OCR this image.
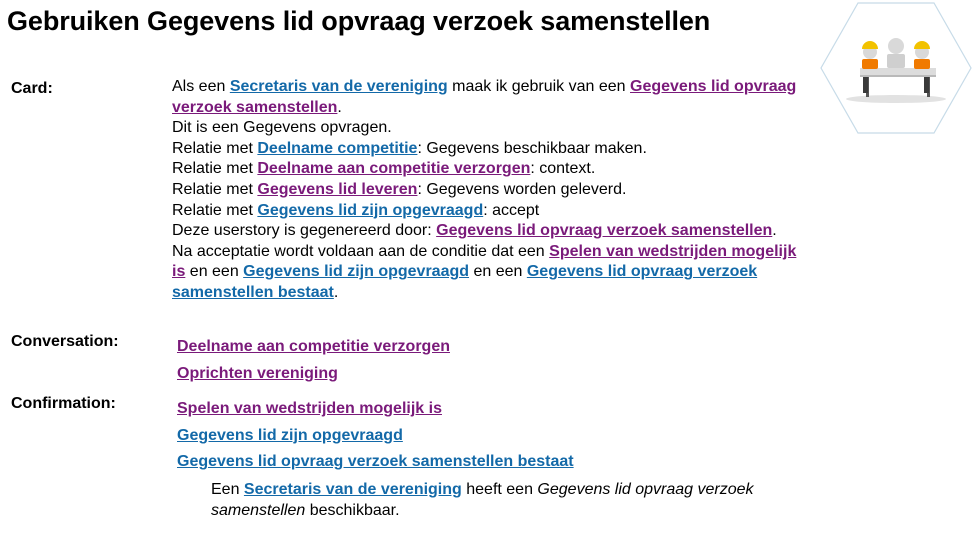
Gebruiken Gegevens lid opvraag verzoek samenstellen
Card:	Als een Secretaris van de vereniging maak ik gebruik van een Gegevens lid opvraag verzoek samenstellen.

Dit is een Gegevens opvragen.

Relatie met Deelname competitie: Gegevens beschikbaar maken.

Relatie met Deelname aan competitie verzorgen: context.

Relatie met Gegevens lid leveren: Gegevens worden geleverd.

Relatie met Gegevens lid zijn opgevraagd: accept

Deze userstory is gegenereerd door: Gegevens lid opvraag verzoek samenstellen.

Na acceptatie wordt voldaan aan de conditie dat een Spelen van wedstrijden mogelijk is en een Gegevens lid zijn opgevraagd en een Gegevens lid opvraag verzoek samenstellen bestaat.

Conversation:	Deelname aan competitie verzorgen
Oprichten vereniging
Confirmation:	Spelen van wedstrijden mogelijk is
Gegevens lid zijn opgevraagd
Gegevens lid opvraag verzoek samenstellen bestaat

Een Secretaris van de vereniging heeft een Gegevens lid opvraag verzoek samenstellen beschikbaar.
